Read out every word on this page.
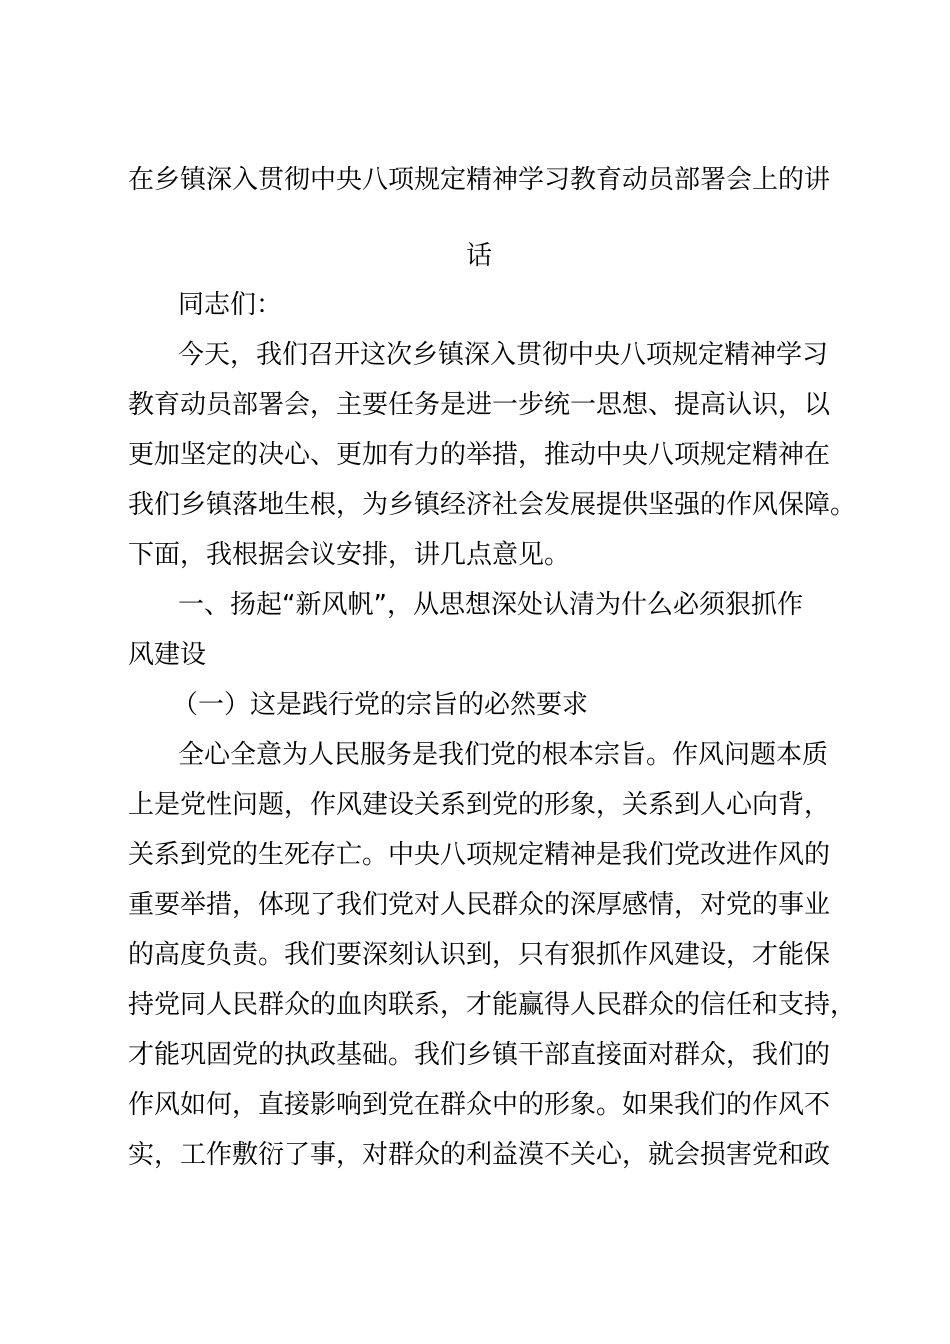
在乡镇深入贯彻中央八项规定精神学习教育动员部署会上的讲
话
同志们：
今天，我们召开这次乡镇深入贯彻中央八项规定精神学习
教育动员部署会，主要任务是进一步统一思想、提高认识，以
更加坚定的决心、更加有力的举措，推动中央八项规定精神在
我们乡镇落地生根，为乡镇经济社会发展提供坚强的作风保障。
下面，我根据会议安排，讲几点意见。
一、扬起“新风帆”，从思想深处认清为什么必须狠抓作
风建设
（一）这是践行党的宗旨的必然要求
全心全意为人民服务是我们党的根本宗旨。作风问题本质
上是党性问题，作风建设关系到党的形象，关系到人心向背，
关系到党的生死存亡。中央八项规定精神是我们党改进作风的
重要举措，体现了我们党对人民群众的深厚感情，对党的事业
的高度负责。我们要深刻认识到，只有狠抓作风建设，才能保
持党同人民群众的血肉联系，才能赢得人民群众的信任和支持，
才能巩固党的执政基础。我们乡镇干部直接面对群众，我们的
作风如何，直接影响到党在群众中的形象。如果我们的作风不
实，工作敷衍了事，对群众的利益漠不关心，就会损害党和政
